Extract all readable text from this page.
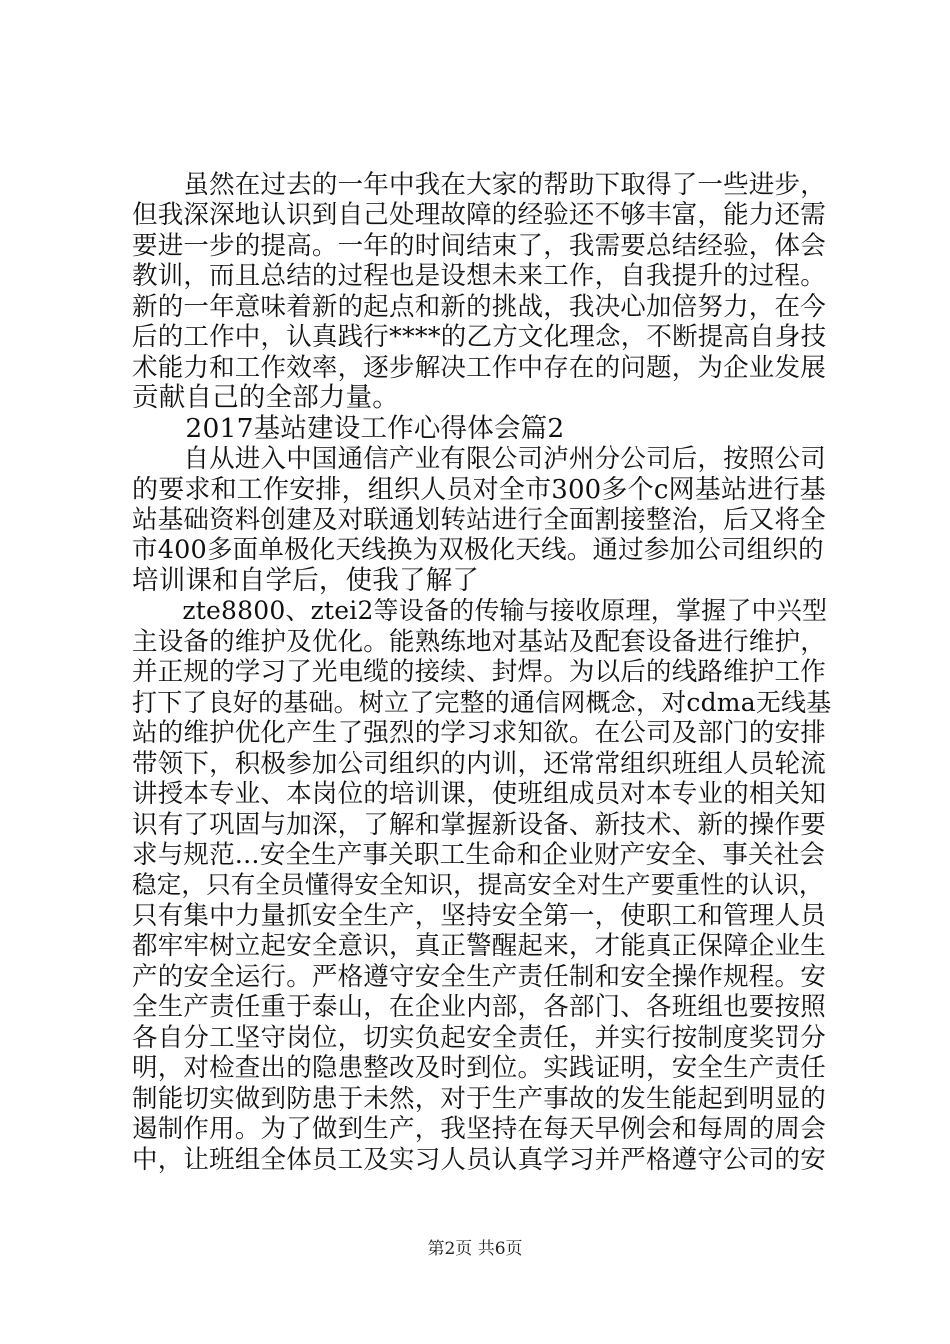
　　虽然在过去的一年中我在大家的帮助下取得了一些进步，
但我深深地认识到自己处理故障的经验还不够丰富，能力还需
要进一步的提高。一年的时间结束了，我需要总结经验，体会
教训，而且总结的过程也是设想未来工作，自我提升的过程。
新的一年意味着新的起点和新的挑战，我决心加倍努力，在今
后的工作中，认真践行****的乙方文化理念，不断提高自身技
术能力和工作效率，逐步解决工作中存在的问题，为企业发展
贡献自己的全部力量。
　　2017基站建设工作心得体会篇2
　　自从进入中国通信产业有限公司泸州分公司后，按照公司
的要求和工作安排，组织人员对全市300多个c网基站进行基
站基础资料创建及对联通划转站进行全面割接整治，后又将全
市400多面单极化天线换为双极化天线。通过参加公司组织的
培训课和自学后，使我了解了
　　zte8800、ztei2等设备的传输与接收原理，掌握了中兴型
主设备的维护及优化。能熟练地对基站及配套设备进行维护，
并正规的学习了光电缆的接续、封焊。为以后的线路维护工作
打下了良好的基础。树立了完整的通信网概念，对cdma无线基
站的维护优化产生了强烈的学习求知欲。在公司及部门的安排
带领下，积极参加公司组织的内训，还常常组织班组人员轮流
讲授本专业、本岗位的培训课，使班组成员对本专业的相关知
识有了巩固与加深，了解和掌握新设备、新技术、新的操作要
求与规范...安全生产事关职工生命和企业财产安全、事关社会
稳定，只有全员懂得安全知识，提高安全对生产要重性的认识，
只有集中力量抓安全生产，坚持安全第一，使职工和管理人员
都牢牢树立起安全意识，真正警醒起来，才能真正保障企业生
产的安全运行。严格遵守安全生产责任制和安全操作规程。安
全生产责任重于泰山，在企业内部，各部门、各班组也要按照
各自分工坚守岗位，切实负起安全责任，并实行按制度奖罚分
明，对检查出的隐患整改及时到位。实践证明，安全生产责任
制能切实做到防患于未然，对于生产事故的发生能起到明显的
遏制作用。为了做到生产，我坚持在每天早例会和每周的周会
中，让班组全体员工及实习人员认真学习并严格遵守公司的安
第2页 共6页
